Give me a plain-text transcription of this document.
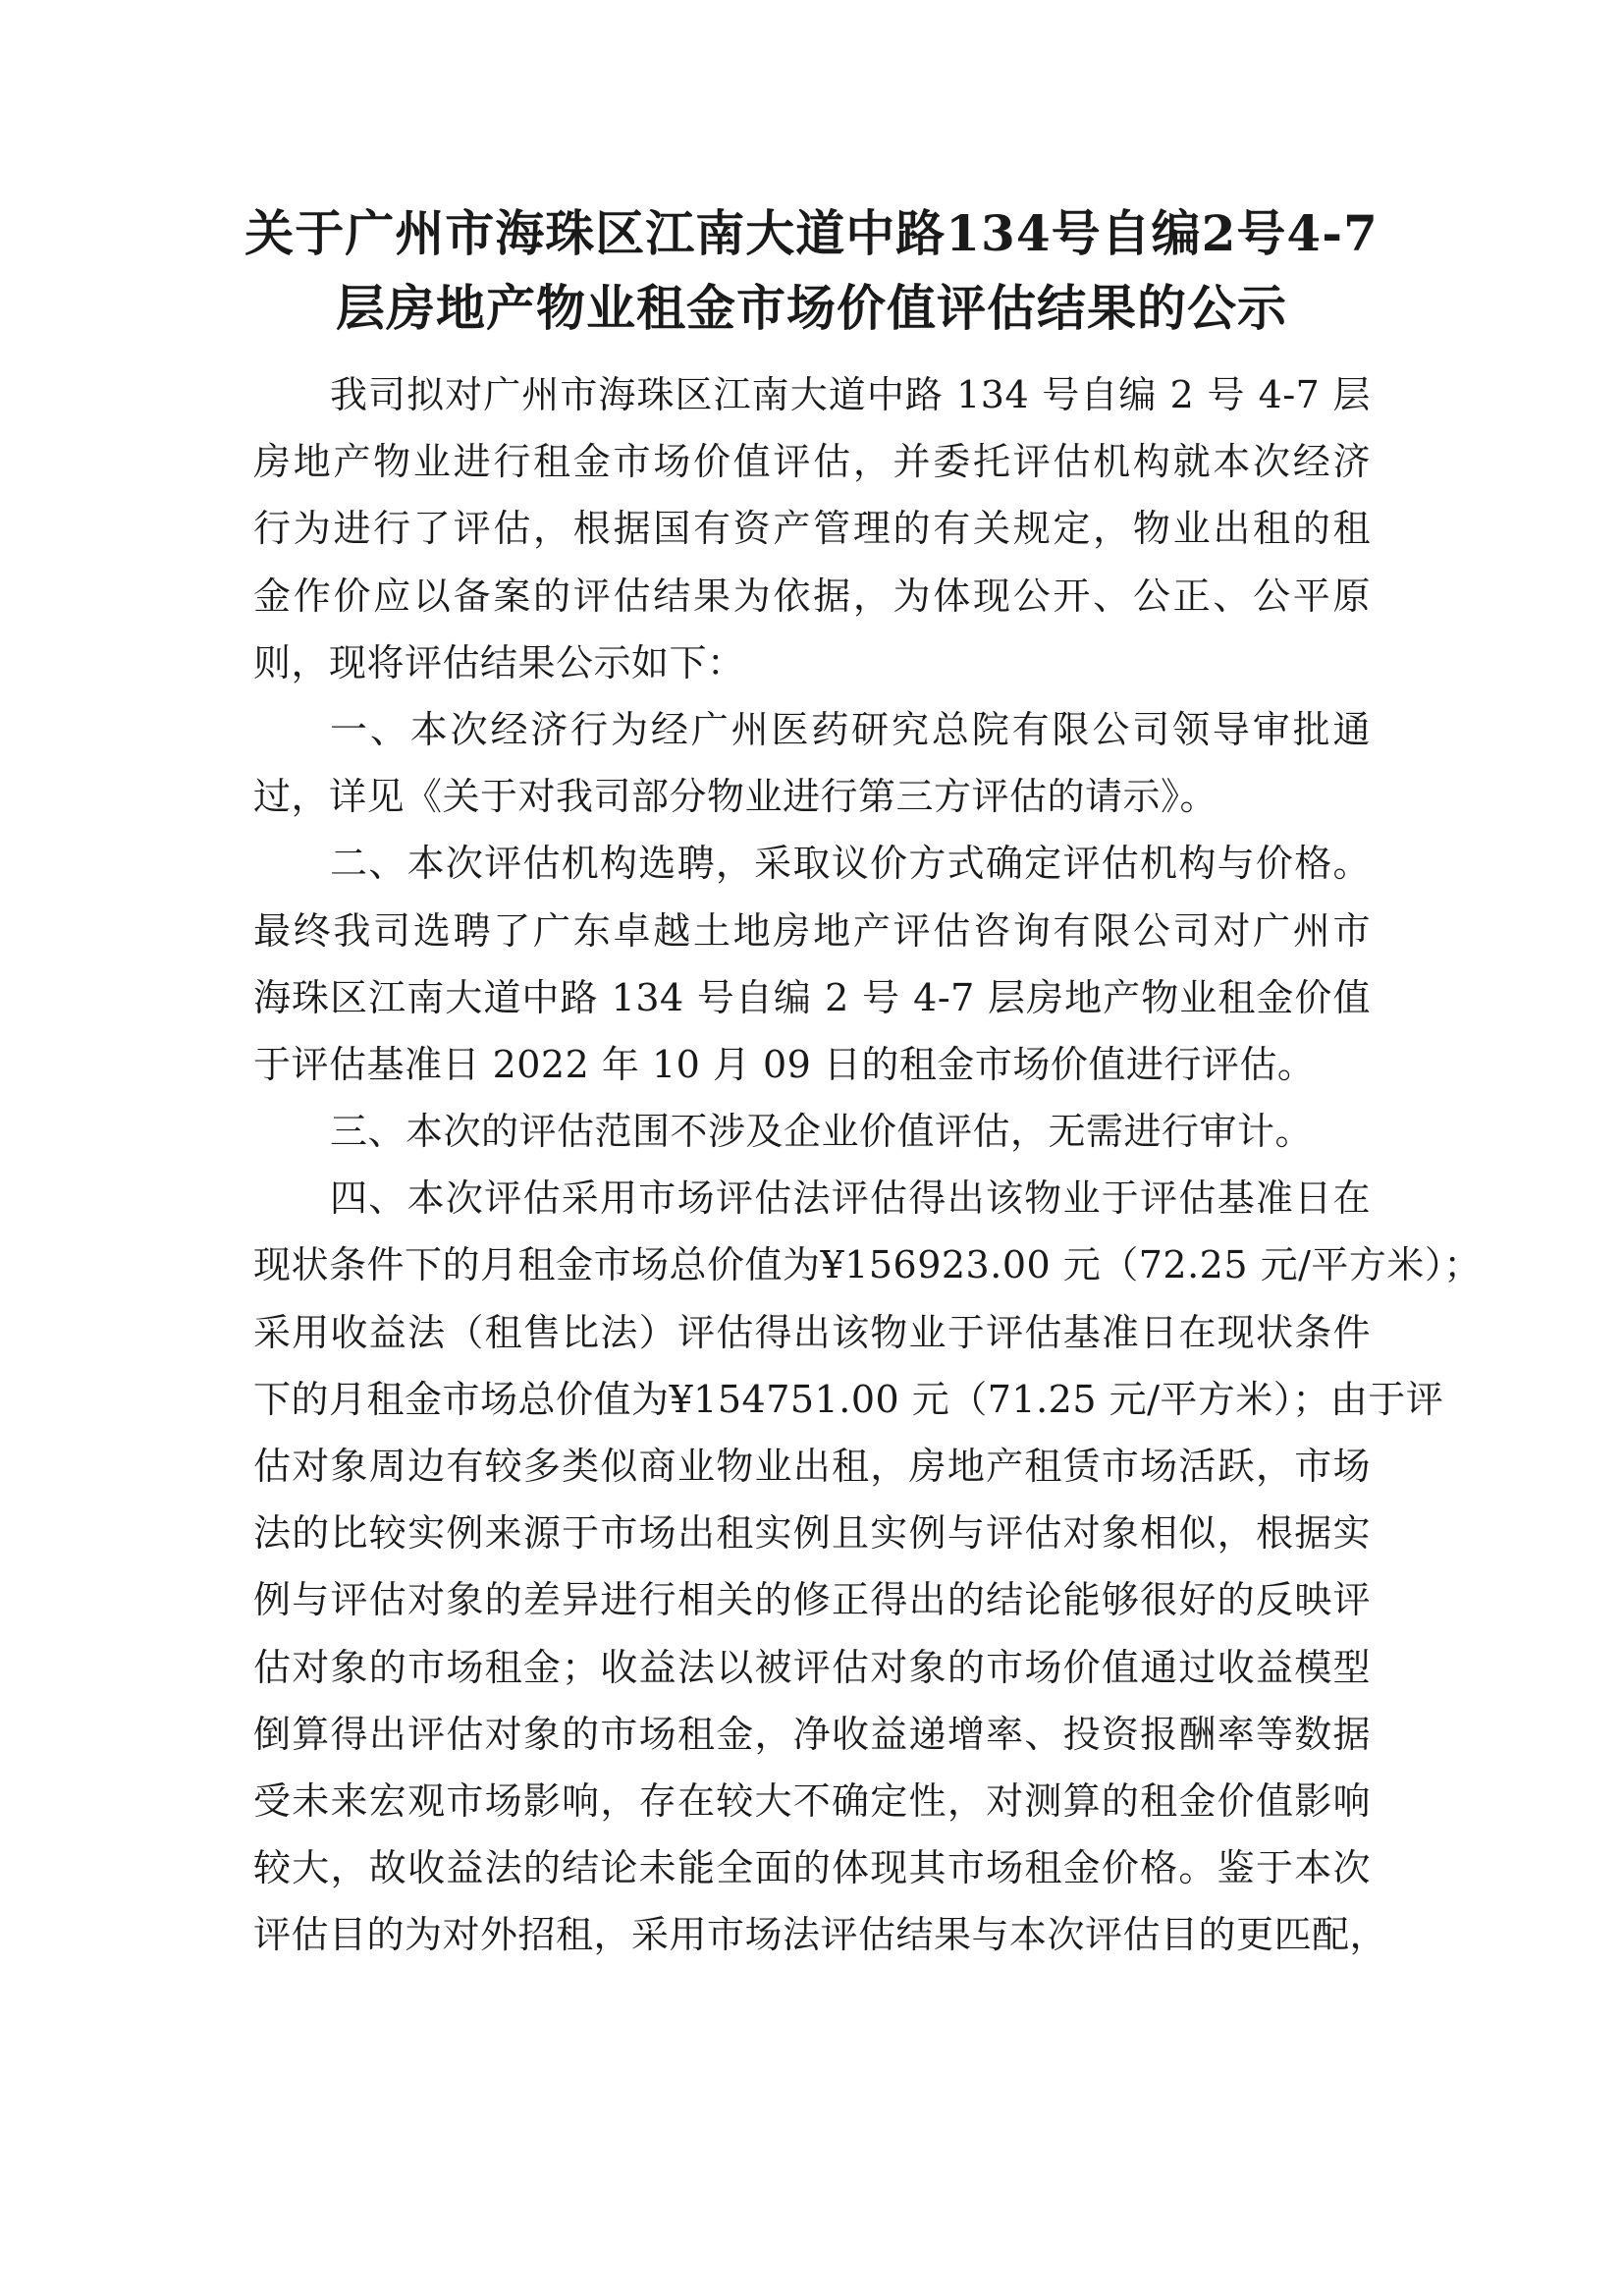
关于广州市海珠区江南大道中路134号自编2号4-7
层房地产物业租金市场价值评估结果的公示
我司拟对广州市海珠区江南大道中路 134 号自编 2 号 4-7 层
房地产物业进行租金市场价值评估，并委托评估机构就本次经济
行为进行了评估，根据国有资产管理的有关规定，物业出租的租
金作价应以备案的评估结果为依据，为体现公开、公正、公平原
则，现将评估结果公示如下：
一、本次经济行为经广州医药研究总院有限公司领导审批通
过，详见《关于对我司部分物业进行第三方评估的请示》。
二、本次评估机构选聘，采取议价方式确定评估机构与价格。
最终我司选聘了广东卓越土地房地产评估咨询有限公司对广州市
海珠区江南大道中路 134 号自编 2 号 4-7 层房地产物业租金价值
于评估基准日 2022 年 10 月 09 日的租金市场价值进行评估。
三、本次的评估范围不涉及企业价值评估，无需进行审计。
四、本次评估采用市场评估法评估得出该物业于评估基准日在
现状条件下的月租金市场总价值为¥156923.00 元（72.25 元/平方米）；
采用收益法（租售比法）评估得出该物业于评估基准日在现状条件
下的月租金市场总价值为¥154751.00 元（71.25 元/平方米）；由于评
估对象周边有较多类似商业物业出租，房地产租赁市场活跃，市场
法的比较实例来源于市场出租实例且实例与评估对象相似，根据实
例与评估对象的差异进行相关的修正得出的结论能够很好的反映评
估对象的市场租金；收益法以被评估对象的市场价值通过收益模型
倒算得出评估对象的市场租金，净收益递增率、投资报酬率等数据
受未来宏观市场影响，存在较大不确定性，对测算的租金价值影响
较大，故收益法的结论未能全面的体现其市场租金价格。鉴于本次
评估目的为对外招租，采用市场法评估结果与本次评估目的更匹配，
